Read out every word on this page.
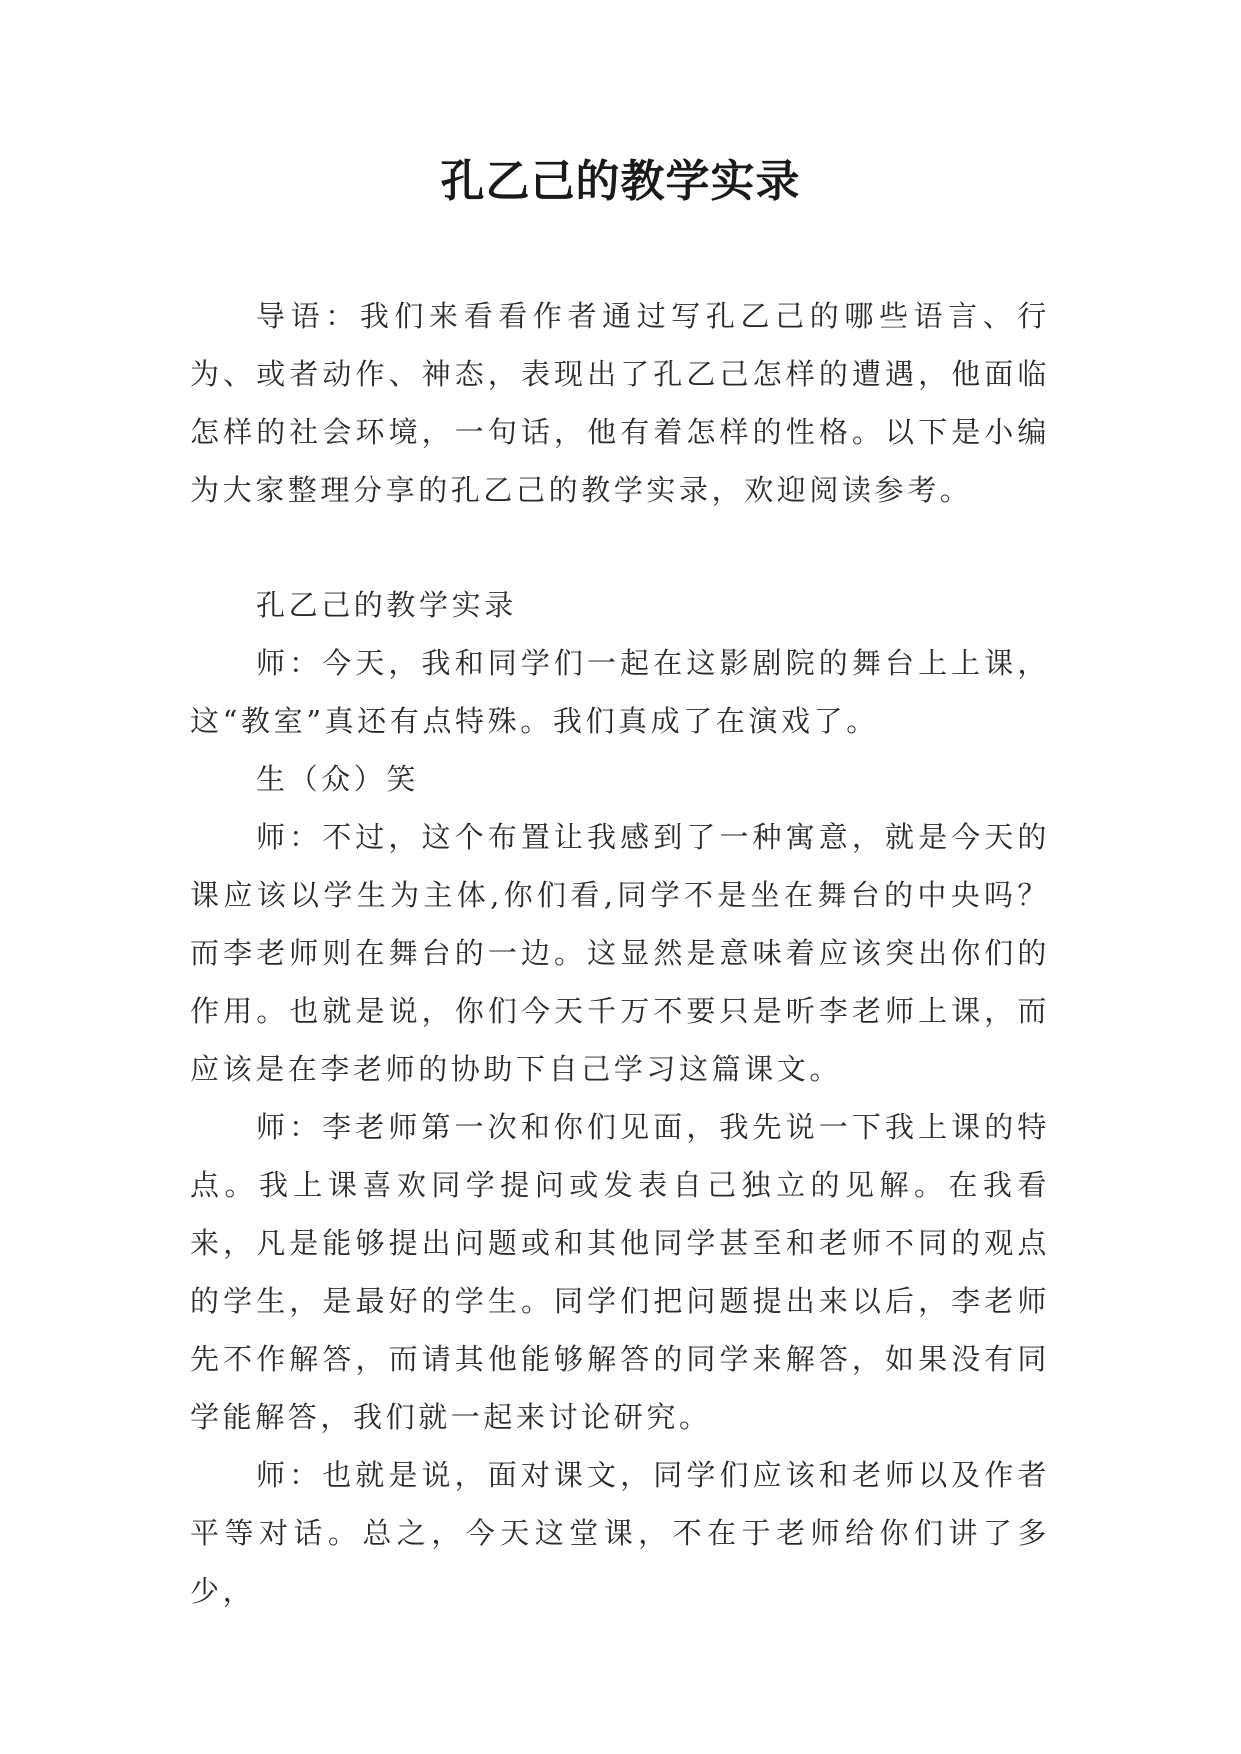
孔乙己的教学实录

导语：我们来看看作者通过写孔乙己的哪些语言、行为、或者动作、神态，表现出了孔乙己怎样的遭遇，他面临怎样的社会环境，一句话，他有着怎样的性格。以下是小编为大家整理分享的孔乙己的教学实录，欢迎阅读参考。

孔乙己的教学实录

师：今天，我和同学们一起在这影剧院的舞台上上课，这“教室”真还有点特殊。我们真成了在演戏了。

生（众）笑

师：不过，这个布置让我感到了一种寓意，就是今天的课应该以学生为主体,你们看,同学不是坐在舞台的中央吗？而李老师则在舞台的一边。这显然是意味着应该突出你们的作用。也就是说，你们今天千万不要只是听李老师上课，而应该是在李老师的协助下自己学习这篇课文。

师：李老师第一次和你们见面，我先说一下我上课的特点。我上课喜欢同学提问或发表自己独立的见解。在我看来，凡是能够提出问题或和其他同学甚至和老师不同的观点的学生，是最好的学生。同学们把问题提出来以后，李老师先不作解答，而请其他能够解答的同学来解答，如果没有同学能解答，我们就一起来讨论研究。

师：也就是说，面对课文，同学们应该和老师以及作者平等对话。总之，今天这堂课，不在于老师给你们讲了多少，
